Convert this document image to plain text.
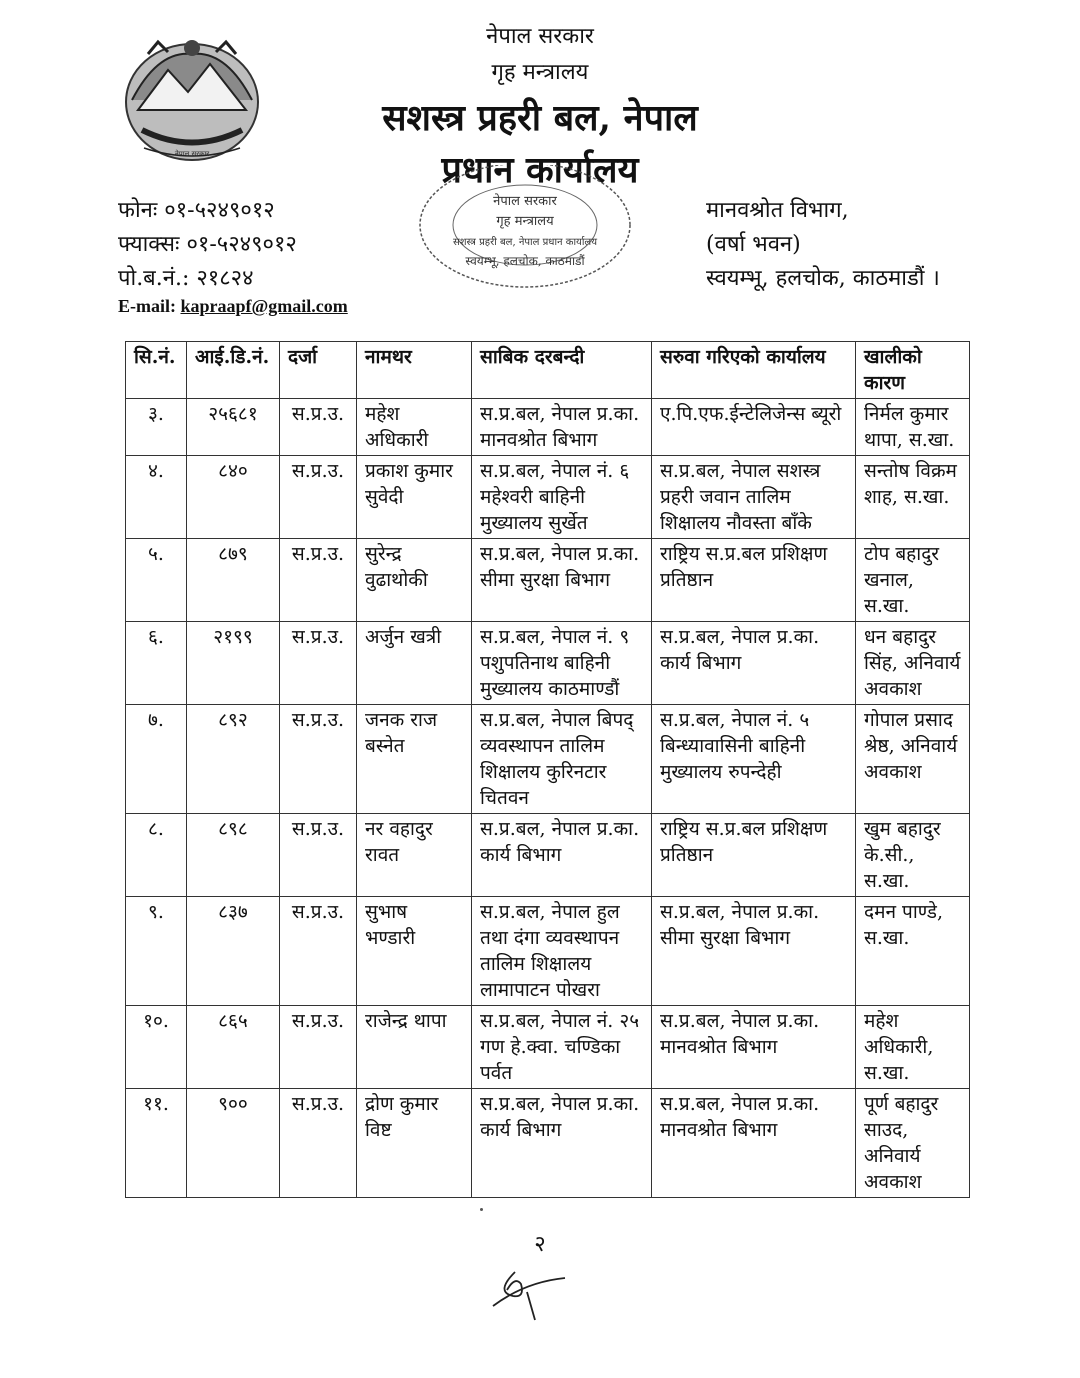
नेपाल सरकार
नेपाल सरकार
गृह मन्त्रालय
सशस्त्र प्रहरी बल, नेपाल
प्रधान कार्यालय
फोनः ०१-५२४९०१२
फ्याक्सः ०१-५२४९०१२
पो.ब.नं.: २१८२४
E-mail: kapraapf@gmail.com
मानवश्रोत विभाग,
(वर्षा भवन)
स्वयम्भू, हलचोक, काठमाडौं ।
नेपाल सरकार
गृह मन्त्रालय
सशस्त्र प्रहरी बल, नेपाल प्रधान कार्यालय
स्वयम्भू, हलचोक, काठमाडौं
सि.नं.	आई.डि.नं.	दर्जा	नामथर	साबिक दरबन्दी	सरुवा गरिएको कार्यालय	खालीको कारण
३.	२५६८१	स.प्र.उ.	महेश अधिकारी	स.प्र.बल, नेपाल प्र.का. मानवश्रोत बिभाग	ए.पि.एफ.ईन्टेलिजेन्स ब्यूरो	निर्मल कुमार थापा, स.खा.
४.	८४०	स.प्र.उ.	प्रकाश कुमार सुवेदी	स.प्र.बल, नेपाल नं. ६ महेश्वरी बाहिनी मुख्यालय सुर्खेत	स.प्र.बल, नेपाल सशस्त्र प्रहरी जवान तालिम शिक्षालय नौवस्ता बाँके	सन्तोष विक्रम शाह, स.खा.
५.	८७९	स.प्र.उ.	सुरेन्द्र वुढाथोकी	स.प्र.बल, नेपाल प्र.का. सीमा सुरक्षा बिभाग	राष्ट्रिय स.प्र.बल प्रशिक्षण प्रतिष्ठान	टोप बहादुर खनाल, स.खा.
६.	२१९९	स.प्र.उ.	अर्जुन खत्री	स.प्र.बल, नेपाल नं. ९ पशुपतिनाथ बाहिनी मुख्यालय काठमाण्डौं	स.प्र.बल, नेपाल प्र.का. कार्य बिभाग	धन बहादुर सिंह, अनिवार्य अवकाश
७.	८९२	स.प्र.उ.	जनक राज बस्नेत	स.प्र.बल, नेपाल बिपद् व्यवस्थापन तालिम शिक्षालय कुरिनटार चितवन	स.प्र.बल, नेपाल नं. ५ बिन्ध्यावासिनी बाहिनी मुख्यालय रुपन्देही	गोपाल प्रसाद श्रेष्ठ, अनिवार्य अवकाश
८.	८९८	स.प्र.उ.	नर वहादुर रावत	स.प्र.बल, नेपाल प्र.का. कार्य बिभाग	राष्ट्रिय स.प्र.बल प्रशिक्षण प्रतिष्ठान	खुम बहादुर के.सी., स.खा.
९.	८३७	स.प्र.उ.	सुभाष भण्डारी	स.प्र.बल, नेपाल हुल तथा दंगा व्यवस्थापन तालिम शिक्षालय लामापाटन पोखरा	स.प्र.बल, नेपाल प्र.का. सीमा सुरक्षा बिभाग	दमन पाण्डे, स.खा.
१०.	८६५	स.प्र.उ.	राजेन्द्र थापा	स.प्र.बल, नेपाल नं. २५ गण हे.क्वा. चण्डिका पर्वत	स.प्र.बल, नेपाल प्र.का. मानवश्रोत बिभाग	महेश अधिकारी, स.खा.
११.	९००	स.प्र.उ.	द्रोण कुमार विष्ट	स.प्र.बल, नेपाल प्र.का. कार्य बिभाग	स.प्र.बल, नेपाल प्र.का. मानवश्रोत बिभाग	पूर्ण बहादुर साउद, अनिवार्य अवकाश
२
